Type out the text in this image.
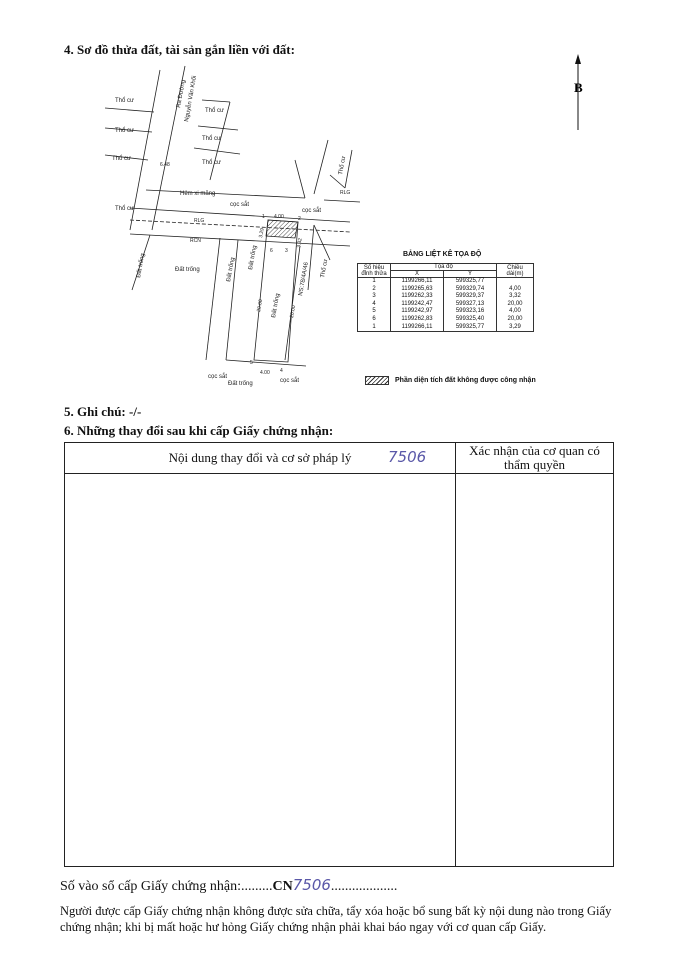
4. Sơ đồ thửa đất, tài sản gắn liền với đất:
B
Thổ cư
Thổ cư
Thổ cư
Thổ cư
Thổ cư
Thổ cư
Thổ cư
Thổ cư
Thổ cư
Ra Đường
Nguyễn Văn Khối
6.48
Hẻm xi măng
cọc sắt
cọc sắt
RLG
RLG
RCN
Đất trống	Đất trống	Đất trống Đất trống
Đất trống
Đất trống
NS:78/4A/46
4.00
4.00
3.29
3.32
20.00	20.00
1	2
3
4
5
6
cọc sắt
cọc sắt
BẢNG LIỆT KÊ TỌA ĐỘ
Số hiệu đỉnh thửa	Tọa độ		Chiều dài(m)
	X	Y	
1	1199266,11	599325,77	
2	1199265,63	599329,74	4,00
3	1199262,33	599329,37	3,32
4	1199242,47	599327,13	20,00
5	1199242,97	599323,16	4,00
6	1199262,83	599325,40	20,00
1	1199266,11	599325,77	3,29
Phần diện tích đất không được công nhận
5. Ghi chú: -/-
6. Những thay đổi sau khi cấp Giấy chứng nhận:
Nội dung thay đổi và cơ sở pháp lý	Xác nhận của cơ quan có thẩm quyền

7506
Số vào sổ cấp Giấy chứng nhận:.........CN7506...................
Người được cấp Giấy chứng nhận không được sửa chữa, tẩy xóa hoặc bổ sung bất kỳ nội dung nào trong Giấy chứng nhận; khi bị mất hoặc hư hỏng Giấy chứng nhận phải khai báo ngay với cơ quan cấp Giấy.
